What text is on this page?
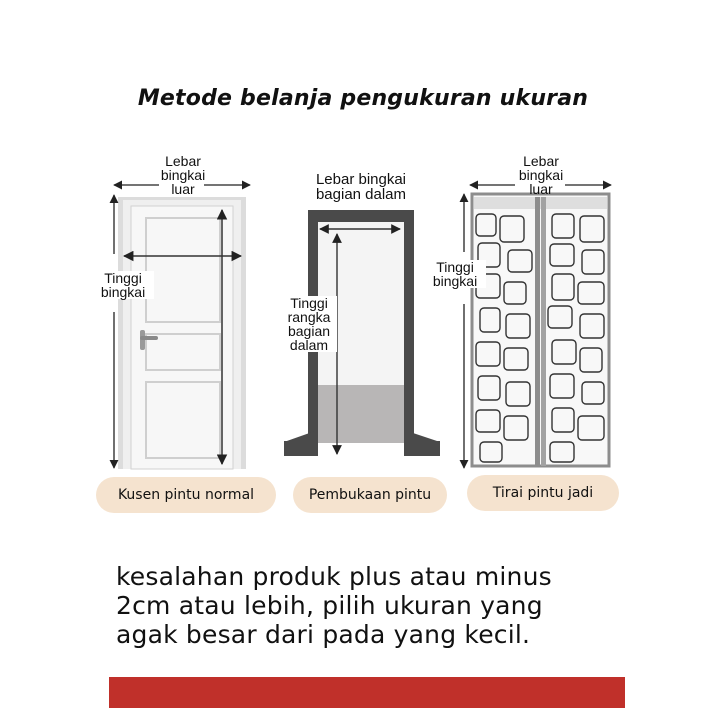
Metode belanja pengukuran ukuran
Lebar
bingkai
luar
Tinggi
bingkai
Kusen pintu normal
Lebar bingkai
bagian dalam
Tinggi
rangka
bagian
dalam
Pembukaan pintu
Lebar
bingkai
luar
Tinggi
bingkai
Tirai pintu jadi
kesalahan produk plus atau minus
2cm atau lebih, pilih ukuran yang
agak besar dari pada yang kecil.
